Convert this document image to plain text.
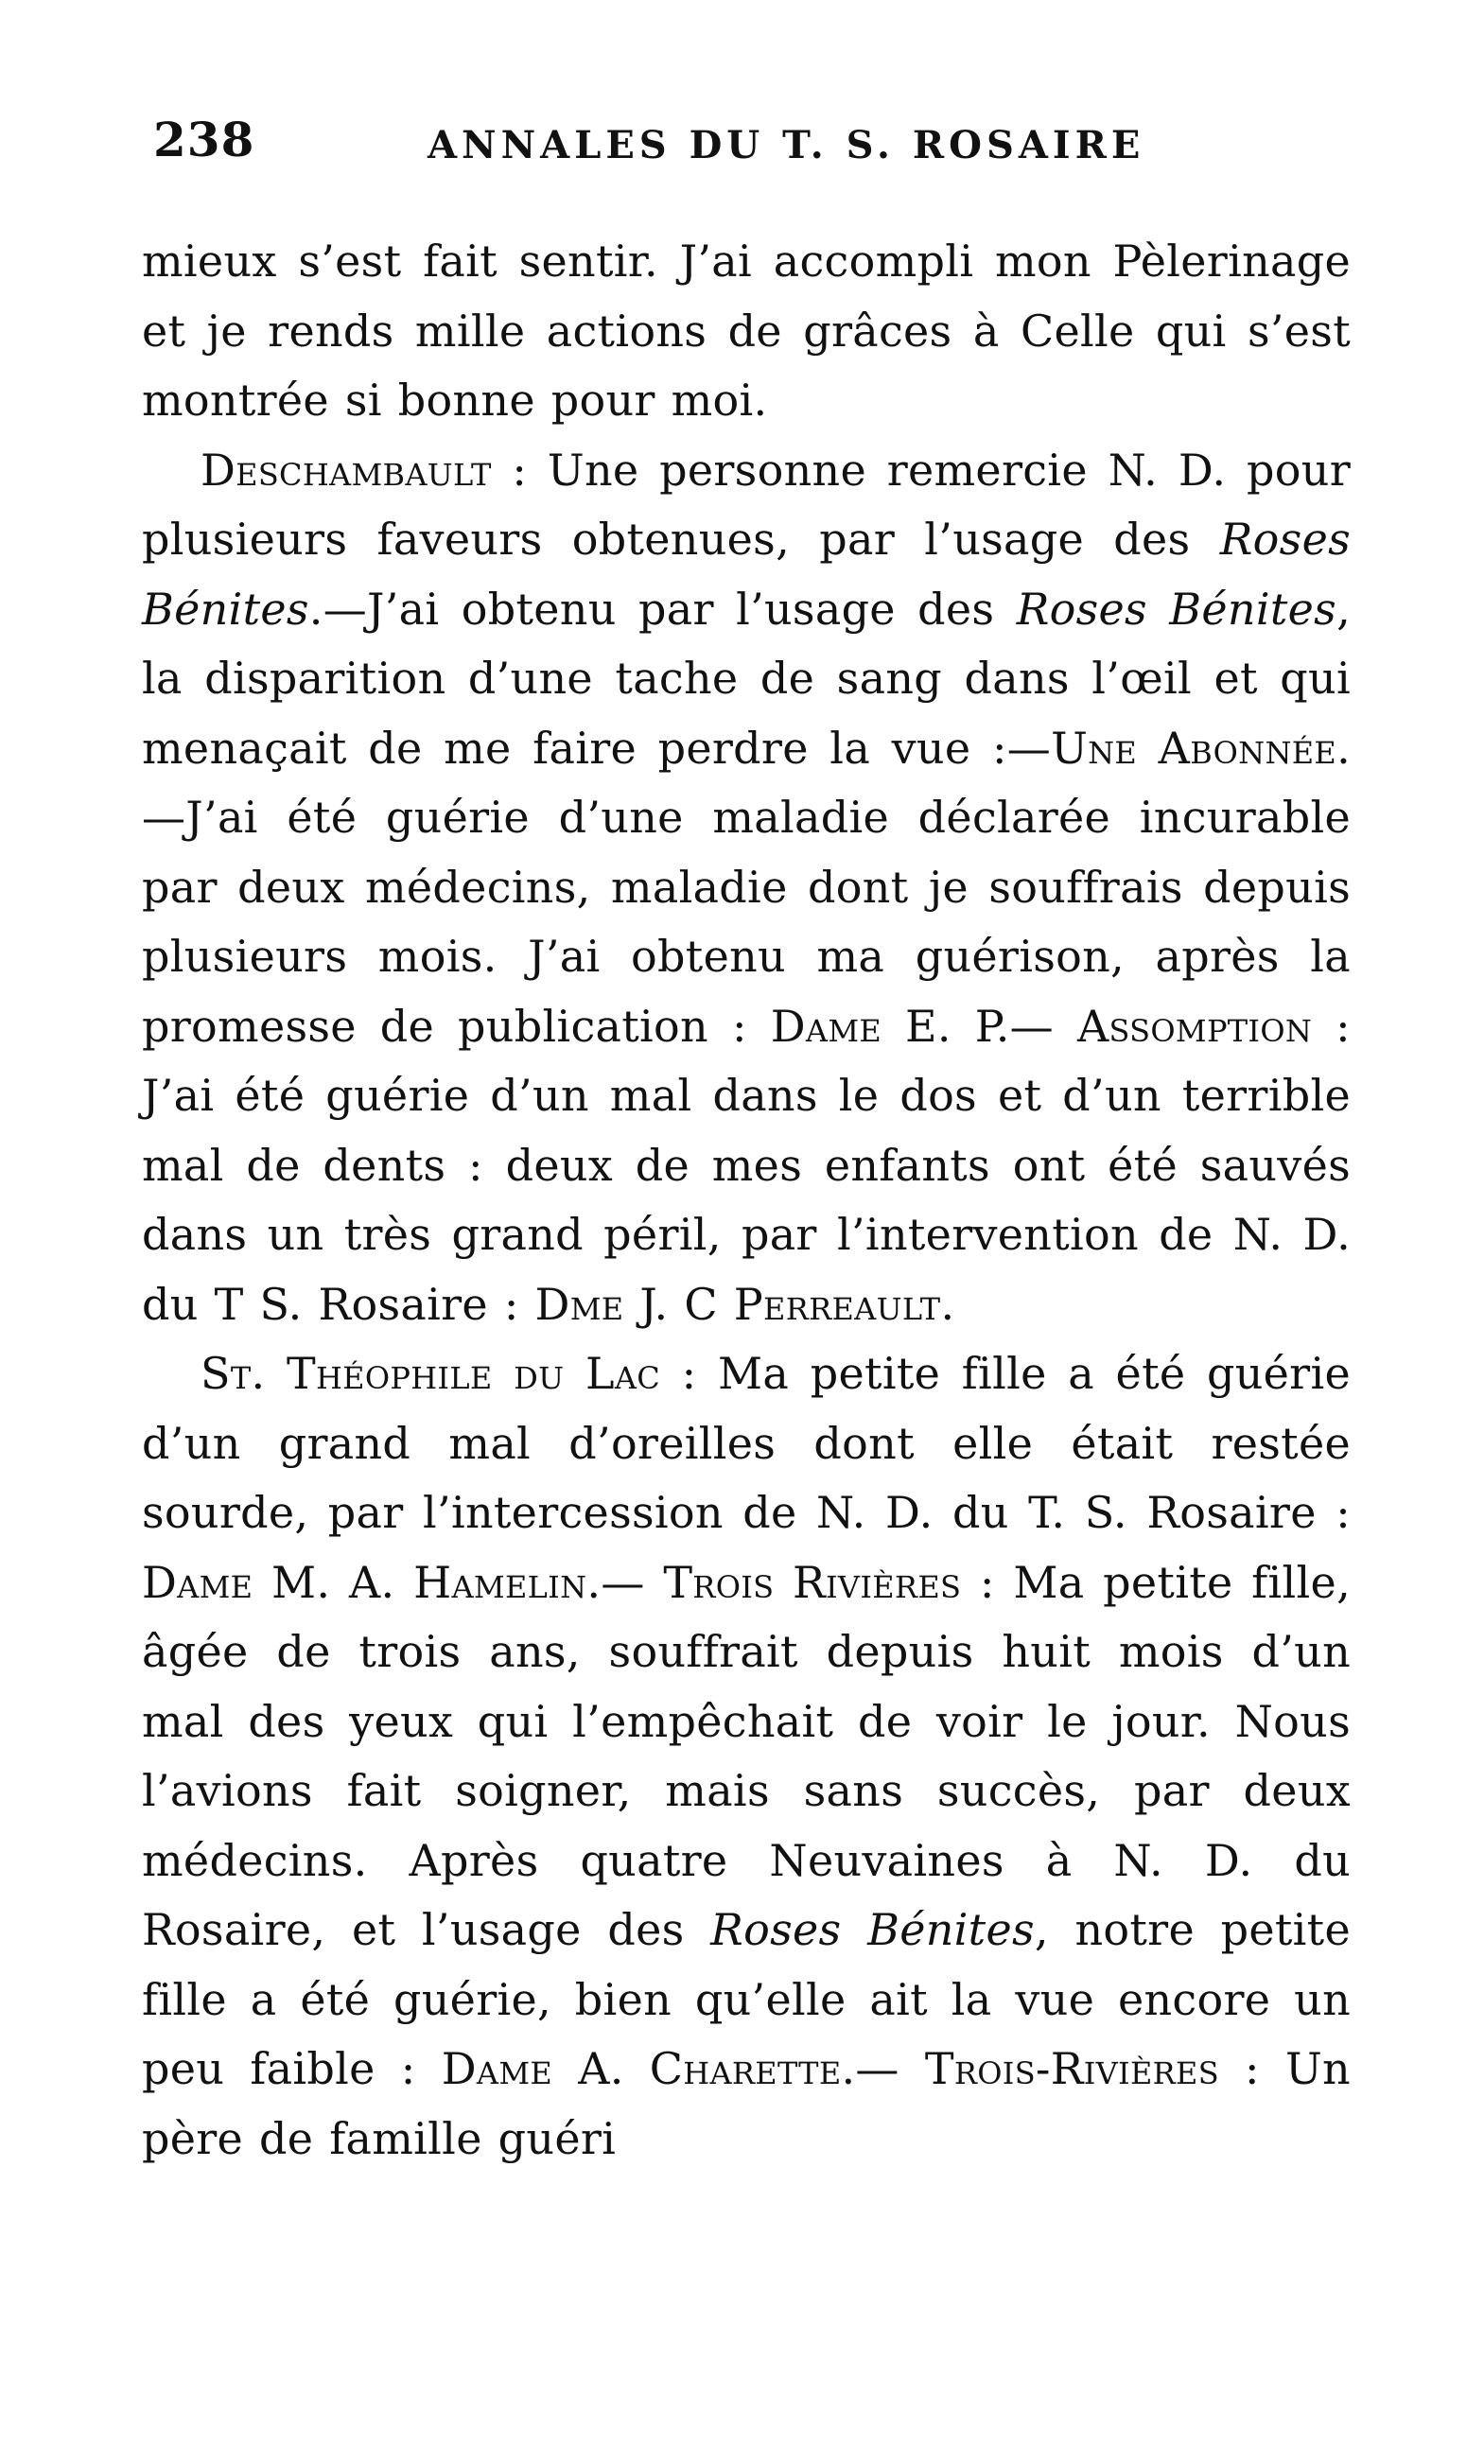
238	ANNALES DU T. S. ROSAIRE

mieux s’est fait sentir. J’ai accompli mon Pèlerinage et je rends mille actions de grâces à Celle qui s’est montrée si bonne pour moi.

Deschambault : Une personne remercie N. D. pour plusieurs faveurs obtenues, par l’usage des Roses Bénites.—J’ai obtenu par l’usage des Roses Bénites, la disparition d’une tache de sang dans l’œil et qui menaçait de me faire perdre la vue :—Une Abonnée.—J’ai été guérie d’une maladie déclarée incurable par deux médecins, maladie dont je souffrais depuis plusieurs mois. J’ai obtenu ma guérison, après la promesse de publication : Dame E. P.— Assomption : J’ai été guérie d’un mal dans le dos et d’un terrible mal de dents : deux de mes enfants ont été sauvés dans un très grand péril, par l’intervention de N. D. du T S. Rosaire : Dme J. C Perreault.

St. Théophile du Lac : Ma petite fille a été guérie d’un grand mal d’oreilles dont elle était restée sourde, par l’intercession de N. D. du T. S. Rosaire : Dame M. A. Hamelin.— Trois Rivières : Ma petite fille, âgée de trois ans, souffrait depuis huit mois d’un mal des yeux qui l’empêchait de voir le jour. Nous l’avions fait soigner, mais sans succès, par deux médecins. Après quatre Neuvaines à N. D. du Rosaire, et l’usage des Roses Bénites, notre petite fille a été guérie, bien qu’elle ait la vue encore un peu faible : Dame A. Charette.— Trois-Rivières : Un père de famille guéri
